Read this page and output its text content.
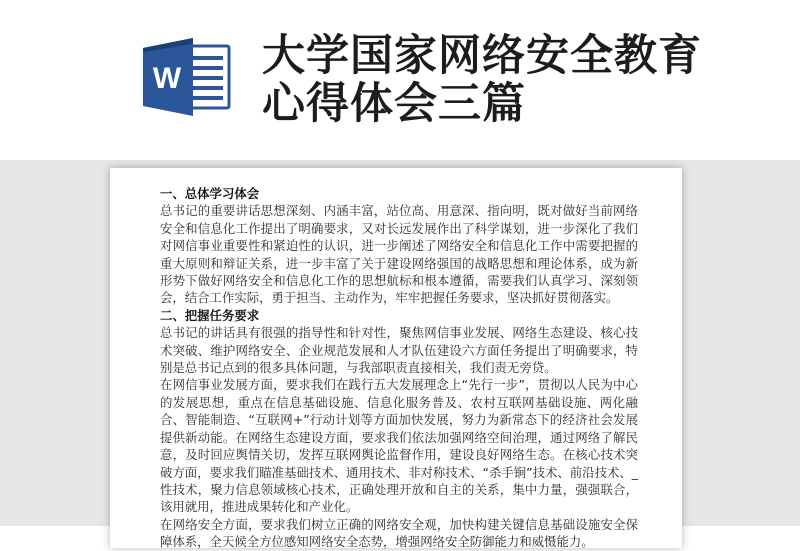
W 大学国家网络安全教育心得体会三篇

一、总体学习体会

总书记的重要讲话思想深刻、内涵丰富，站位高、用意深、指向明，既对做好当前网络安全和信息化工作提出了明确要求，又对长远发展作出了科学谋划，进一步深化了我们对网信事业重要性和紧迫性的认识，进一步阐述了网络安全和信息化工作中需要把握的重大原则和辩证关系，进一步丰富了关于建设网络强国的战略思想和理论体系，成为新形势下做好网络安全和信息化工作的思想航标和根本遵循，需要我们认真学习、深刻领会，结合工作实际，勇于担当、主动作为，牢牢把握任务要求，坚决抓好贯彻落实。

二、把握任务要求

总书记的讲话具有很强的指导性和针对性，聚焦网信事业发展、网络生态建设、核心技术突破、维护网络安全、企业规范发展和人才队伍建设六方面任务提出了明确要求，特别是总书记点到的很多具体问题，与我部职责直接相关，我们责无旁贷。

在网信事业发展方面，要求我们在践行五大发展理念上“先行一步”，贯彻以人民为中心的发展思想，重点在信息基础设施、信息化服务普及、农村互联网基础设施、两化融合、智能制造、“互联网+”行动计划等方面加快发展，努力为新常态下的经济社会发展提供新动能。在网络生态建设方面，要求我们依法加强网络空间治理，通过网络了解民意，及时回应舆情关切，发挥互联网舆论监督作用，建设良好网络生态。在核心技术突破方面，要求我们瞄准基础技术、通用技术、非对称技术、“杀手锏”技术、前沿技术、_性技术，聚力信息领域核心技术，正确处理开放和自主的关系，集中力量，强强联合，该用就用，推进成果转化和产业化。

在网络安全方面，要求我们树立正确的网络安全观，加快构建关键信息基础设施安全保障体系，全天候全方位感知网络安全态势，增强网络安全防御能力和威慑能力。
